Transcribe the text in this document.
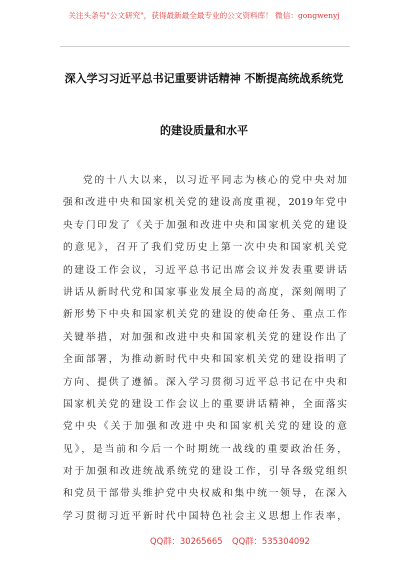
关注头条号"公文研究"，获得最新最全最专业的公文资料库！ 微信：gongwenyj
深入学习习近平总书记重要讲话精神 不断提高统战系统党
的建设质量和水平
党的十八大以来，以习近平同志为核心的党中央对加
强和改进中央和国家机关党的建设高度重视，2019年党中
央专门印发了《关于加强和改进中央和国家机关党的建设
的意见》，召开了我们党历史上第一次中央和国家机关党
的建设工作会议，习近平总书记出席会议并发表重要讲话
讲话从新时代党和国家事业发展全局的高度，深刻阐明了
新形势下中央和国家机关党的建设的使命任务、重点工作
关键举措，对加强和改进中央和国家机关党的建设作出了
全面部署，为推动新时代中央和国家机关党的建设指明了
方向、提供了遵循。深入学习贯彻习近平总书记在中央和
国家机关党的建设工作会议上的重要讲话精神，全面落实
党中央《关于加强和改进中央和国家机关党的建设的意
见》，是当前和今后一个时期统一战线的重要政治任务，
对于加强和改进统战系统党的建设工作，引导各级党组织
和党员干部带头维护党中央权威和集中统一领导，在深入
学习贯彻习近平新时代中国特色社会主义思想上作表率，
QQ群：30265665 QQ群：535304092
